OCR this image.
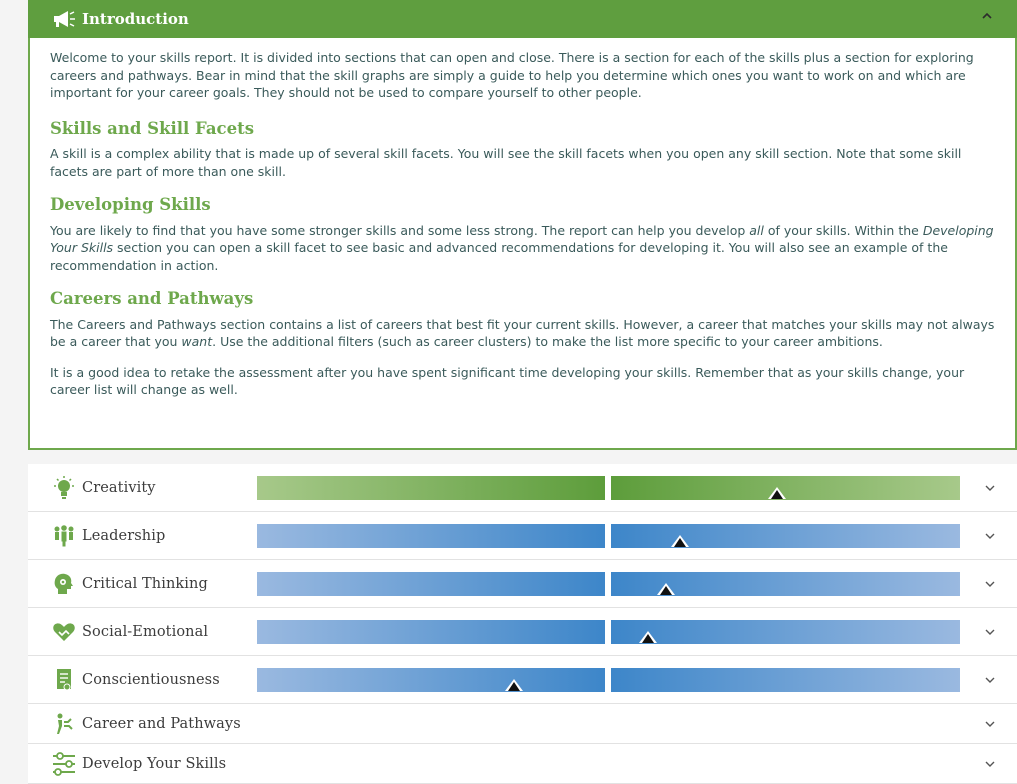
Introduction

Welcome to your skills report. It is divided into sections that can open and close. There is a section for each of the skills plus a section for exploring careers and pathways. Bear in mind that the skill graphs are simply a guide to help you determine which ones you want to work on and which are important for your career goals. They should not be used to compare yourself to other people.

Skills and Skill Facets

A skill is a complex ability that is made up of several skill facets. You will see the skill facets when you open any skill section. Note that some skill facets are part of more than one skill.

Developing Skills

You are likely to find that you have some stronger skills and some less strong. The report can help you develop all of your skills. Within the Developing Your Skills section you can open a skill facet to see basic and advanced recommendations for developing it. You will also see an example of the recommendation in action.

Careers and Pathways

The Careers and Pathways section contains a list of careers that best fit your current skills. However, a career that matches your skills may not always be a career that you want. Use the additional filters (such as career clusters) to make the list more specific to your career ambitions.

It is a good idea to retake the assessment after you have spent significant time developing your skills. Remember that as your skills change, your career list will change as well.

Creativity
Leadership
Critical Thinking
Social-Emotional
Conscientiousness
Career and Pathways
Develop Your Skills
